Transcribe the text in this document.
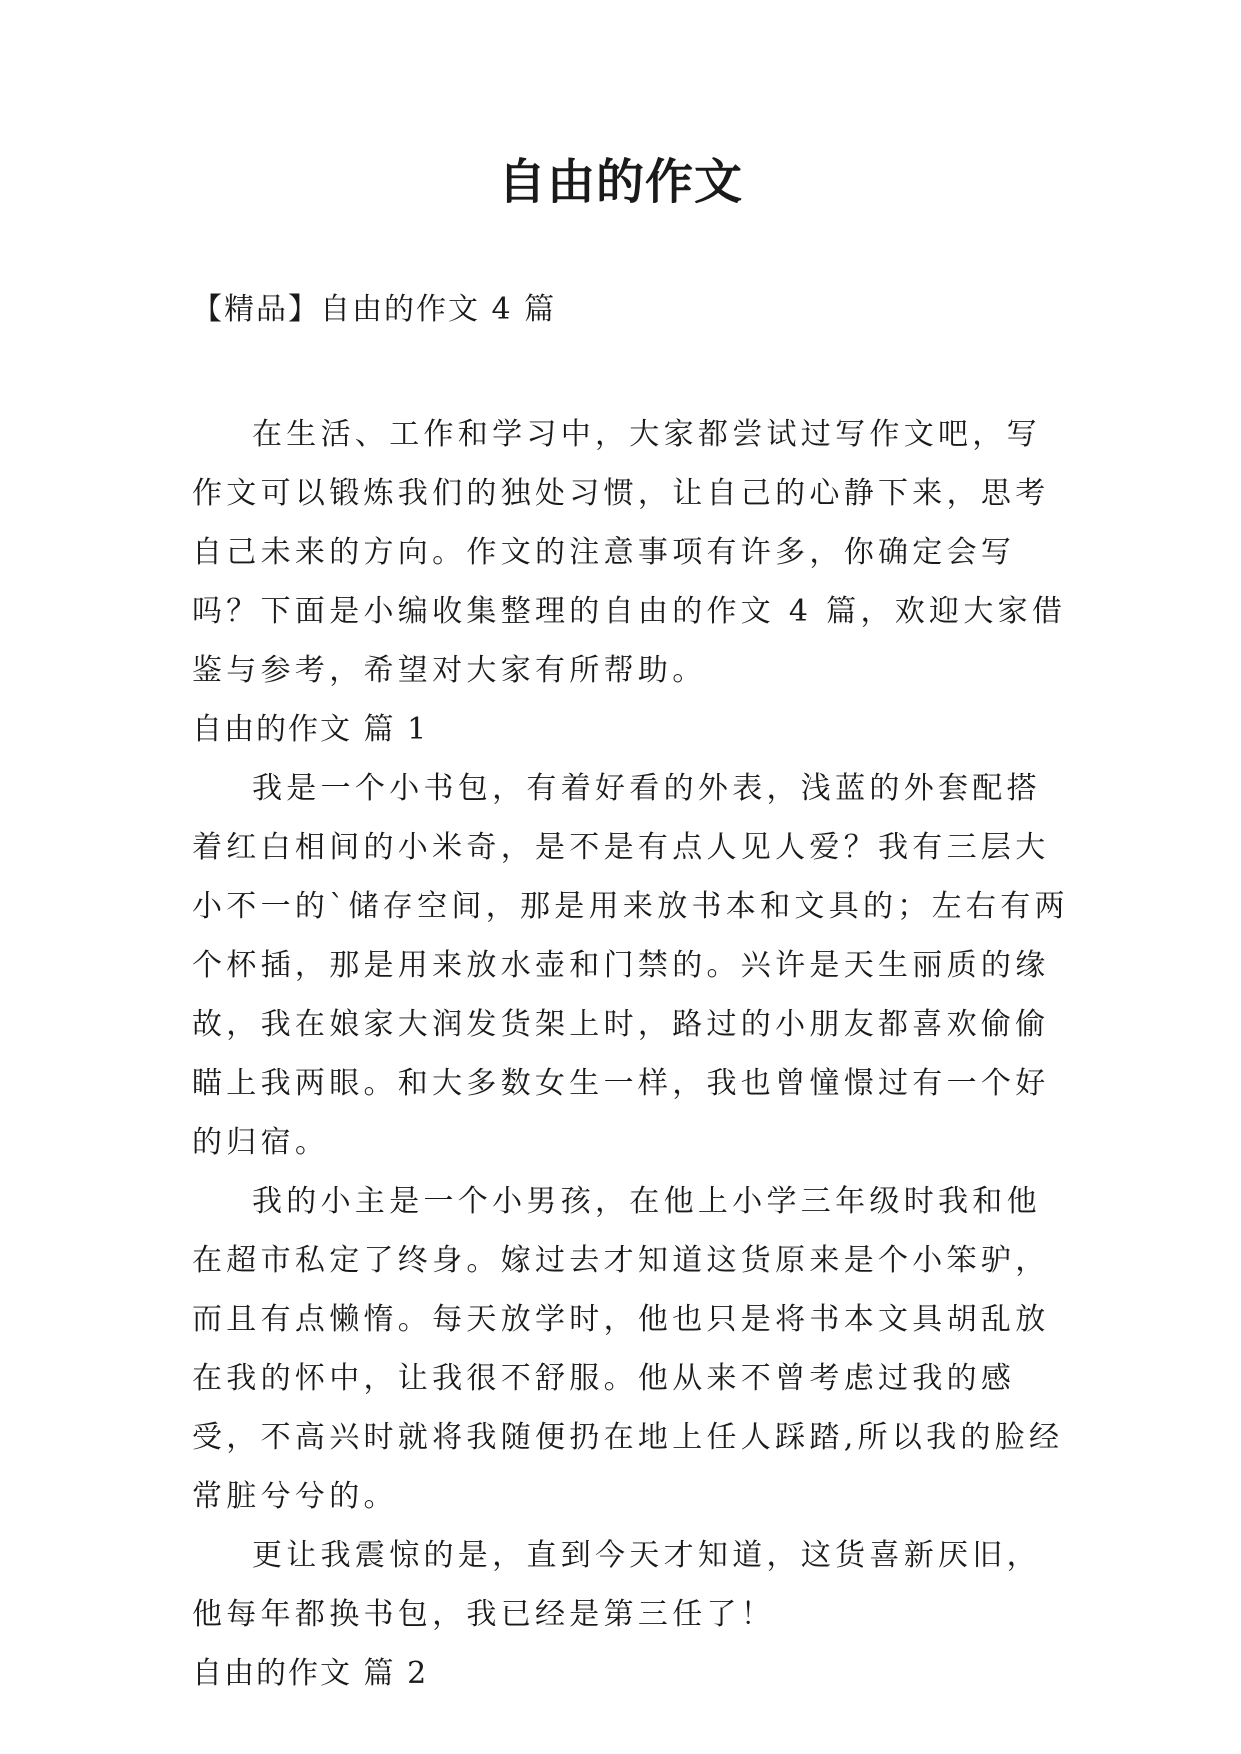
自由的作文
【精品】自由的作文 4 篇

在生活、工作和学习中，大家都尝试过写作文吧，写作文可以锻炼我们的独处习惯，让自己的心静下来，思考自己未来的方向。作文的注意事项有许多，你确定会写吗？下面是小编收集整理的自由的作文 4 篇，欢迎大家借鉴与参考，希望对大家有所帮助。

自由的作文 篇 1

我是一个小书包，有着好看的外表，浅蓝的外套配搭着红白相间的小米奇，是不是有点人见人爱？我有三层大小不一的`储存空间，那是用来放书本和文具的；左右有两个杯插，那是用来放水壶和门禁的。兴许是天生丽质的缘故，我在娘家大润发货架上时，路过的小朋友都喜欢偷偷瞄上我两眼。和大多数女生一样，我也曾憧憬过有一个好的归宿。

我的小主是一个小男孩，在他上小学三年级时我和他在超市私定了终身。嫁过去才知道这货原来是个小笨驴，而且有点懒惰。每天放学时，他也只是将书本文具胡乱放在我的怀中，让我很不舒服。他从来不曾考虑过我的感受，不高兴时就将我随便扔在地上任人踩踏,所以我的脸经常脏兮兮的。

更让我震惊的是，直到今天才知道，这货喜新厌旧，他每年都换书包，我已经是第三任了！

自由的作文 篇 2
